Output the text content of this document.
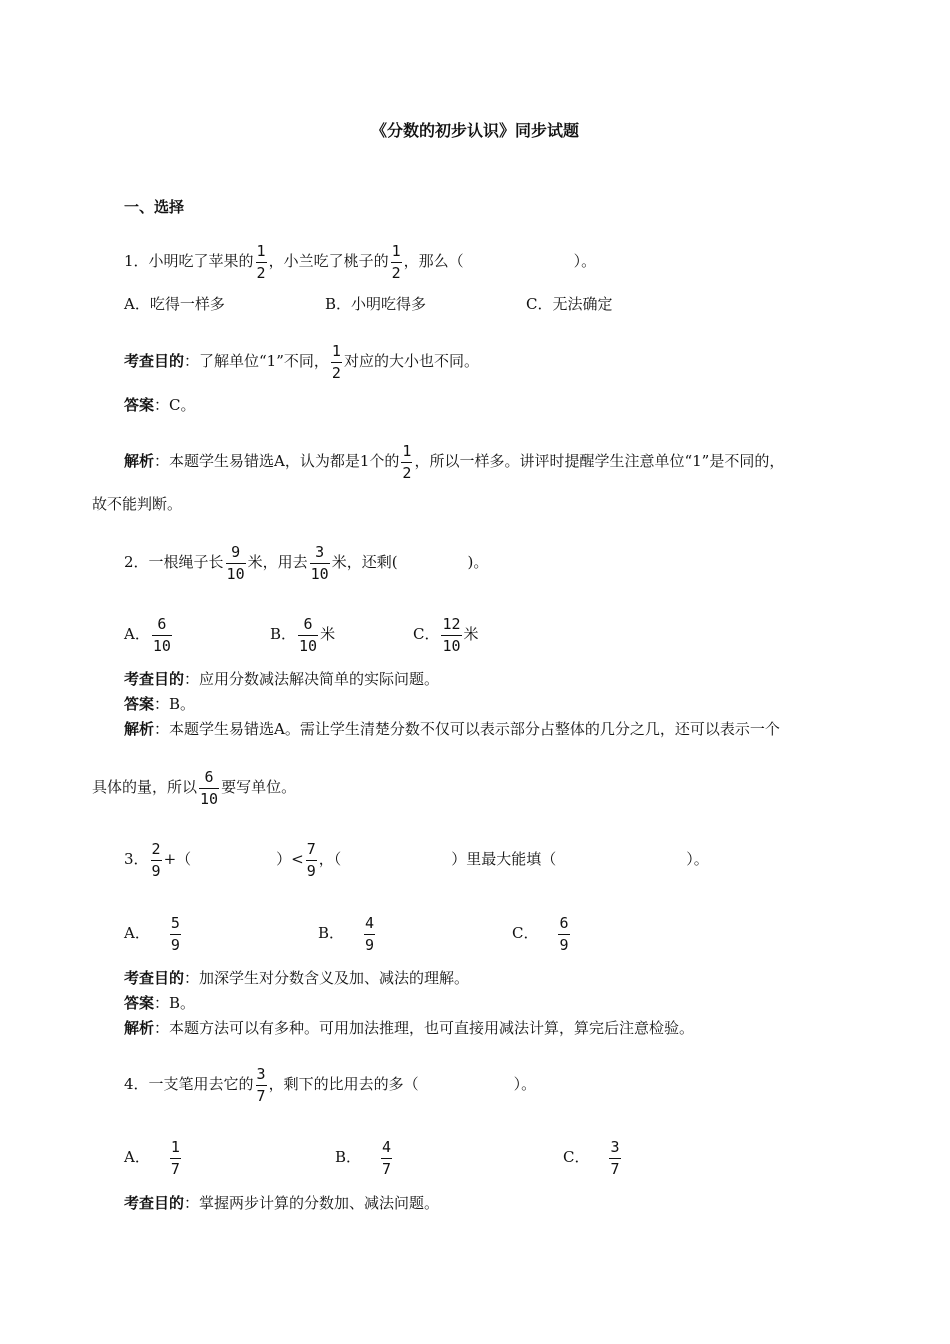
《分数的初步认识》同步试题
一、选择
1．小明吃了苹果的 $\frac{1}{2}$ ，小兰吃了桃子的 $\frac{1}{2}$ ，那么（	）。
A．吃得一样多	B．小明吃得多	C．无法确定
考查目的：了解单位“1”不同， $\frac{1}{2}$ 对应的大小也不同。
答案：C。
解析：本题学生易错选A，认为都是1个的 $\frac{1}{2}$ ，所以一样多。讲评时提醒学生注意单位“1”是不同的，
故不能判断。
2．一根绳子长 $\frac{9}{10}$ 米，用去 $\frac{3}{10}$ 米，还剩(	)。
A． $\frac{6}{10}$	B． $\frac{6}{10}$ 米	C． $\frac{12}{10}$ 米
考查目的：应用分数减法解决简单的实际问题。
答案：B。
解析：本题学生易错选A。需让学生清楚分数不仅可以表示部分占整体的几分之几，还可以表示一个
具体的量，所以 $\frac{6}{10}$ 要写单位。
3． $\frac{2}{9}$ +（	）< $\frac{7}{9}$ ，（	）里最大能填（	）。
A． $\frac{5}{9}$	B． $\frac{4}{9}$	C． $\frac{6}{9}$
考查目的：加深学生对分数含义及加、减法的理解。
答案：B。
解析：本题方法可以有多种。可用加法推理，也可直接用减法计算，算完后注意检验。
4．一支笔用去它的 $\frac{3}{7}$ ，剩下的比用去的多（	）。
A． $\frac{1}{7}$	B． $\frac{4}{7}$	C． $\frac{3}{7}$
考查目的：掌握两步计算的分数加、减法问题。
